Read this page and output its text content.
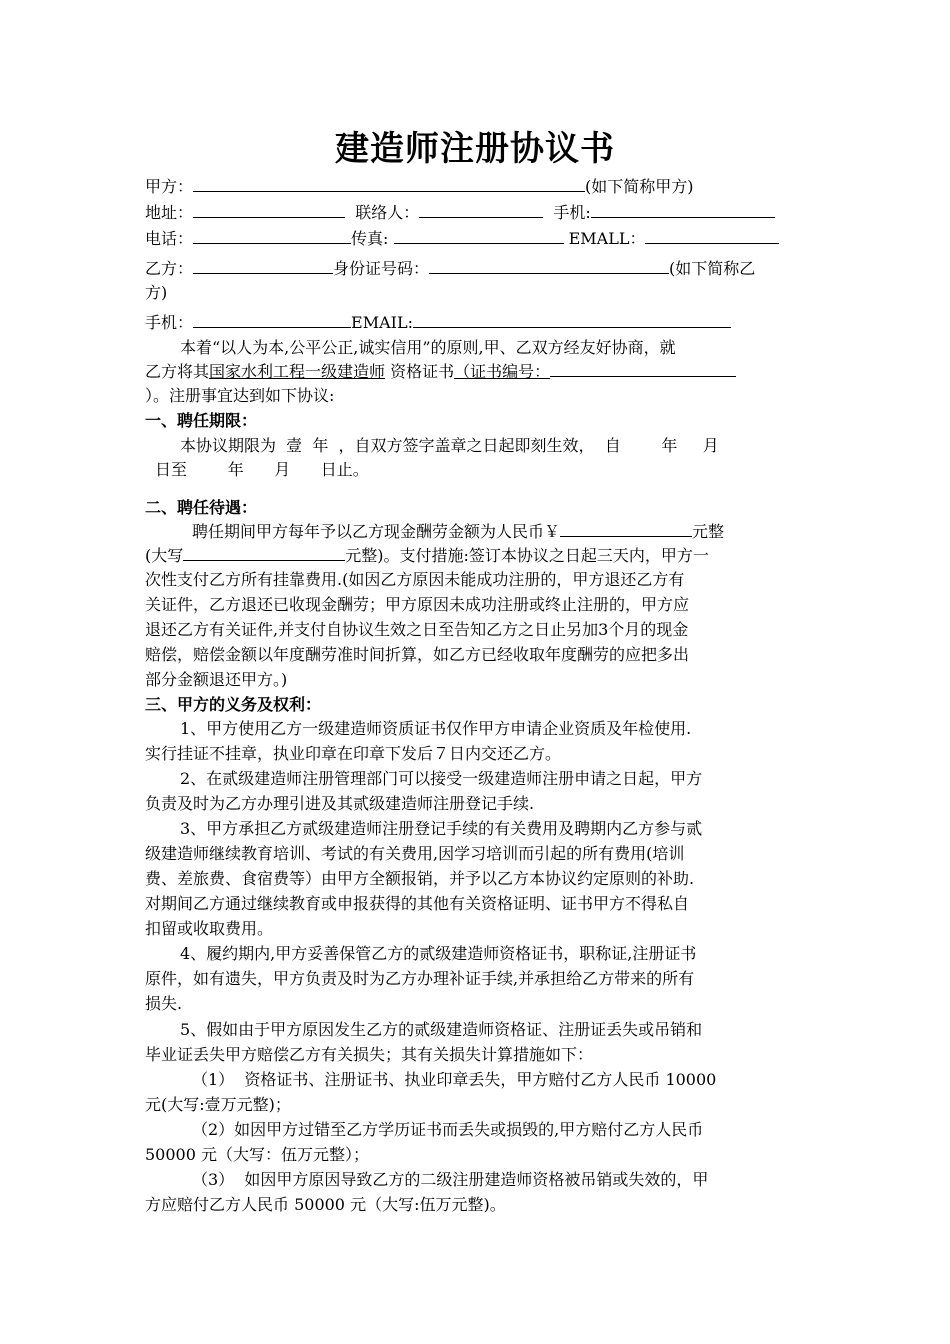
建造师注册协议书
甲方：	(如下简称甲方)
地址：	联络人：	手机:
电话：	传真:	EMALL：
乙方：	身份证号码：	(如下简称乙
方)
手机：	EMAIL:
本着“以人为本,公平公正,诚实信用”的原则,甲、乙双方经友好协商，就
乙方将其国家水利工程一级建造师 资格证书（证书编号：
）。注册事宜达到如下协议:
一、聘任期限：
本协议期限为  壹  年  ，自双方签字盖章之日起即刻生效，  自        年     月
日至        年      月      日止。
二、聘任待遇：
聘任期间甲方每年予以乙方现金酬劳金额为人民币￥	元整
(大写	元整)。支付措施:签订本协议之日起三天内，甲方一
次性支付乙方所有挂靠费用.(如因乙方原因未能成功注册的，甲方退还乙方有
关证件，乙方退还已收现金酬劳；甲方原因未成功注册或终止注册的，甲方应
退还乙方有关证件,并支付自协议生效之日至告知乙方之日止另加3个月的现金
赔偿，赔偿金额以年度酬劳准时间折算，如乙方已经收取年度酬劳的应把多出
部分金额退还甲方。)
三、甲方的义务及权利：
1、甲方使用乙方一级建造师资质证书仅作甲方申请企业资质及年检使用.
实行挂证不挂章，执业印章在印章下发后７日内交还乙方。
2、在贰级建造师注册管理部门可以接受一级建造师注册申请之日起，甲方
负责及时为乙方办理引进及其贰级建造师注册登记手续.
3、甲方承担乙方贰级建造师注册登记手续的有关费用及聘期内乙方参与贰
级建造师继续教育培训、考试的有关费用,因学习培训而引起的所有费用(培训
费、差旅费、食宿费等）由甲方全额报销，并予以乙方本协议约定原则的补助.
对期间乙方通过继续教育或申报获得的其他有关资格证明、证书甲方不得私自
扣留或收取费用。
4、履约期内,甲方妥善保管乙方的贰级建造师资格证书，职称证,注册证书
原件，如有遗失，甲方负责及时为乙方办理补证手续,并承担给乙方带来的所有
损失.
5、假如由于甲方原因发生乙方的贰级建造师资格证、注册证丢失或吊销和
毕业证丢失甲方赔偿乙方有关损失；其有关损失计算措施如下：
（1）  资格证书、注册证书、执业印章丢失，甲方赔付乙方人民币 10000
元(大写:壹万元整)；
（2）如因甲方过错至乙方学历证书而丢失或损毁的,甲方赔付乙方人民币
50000 元（大写：伍万元整）；
（3）  如因甲方原因导致乙方的二级注册建造师资格被吊销或失效的，甲
方应赔付乙方人民币 50000 元（大写:伍万元整)。
